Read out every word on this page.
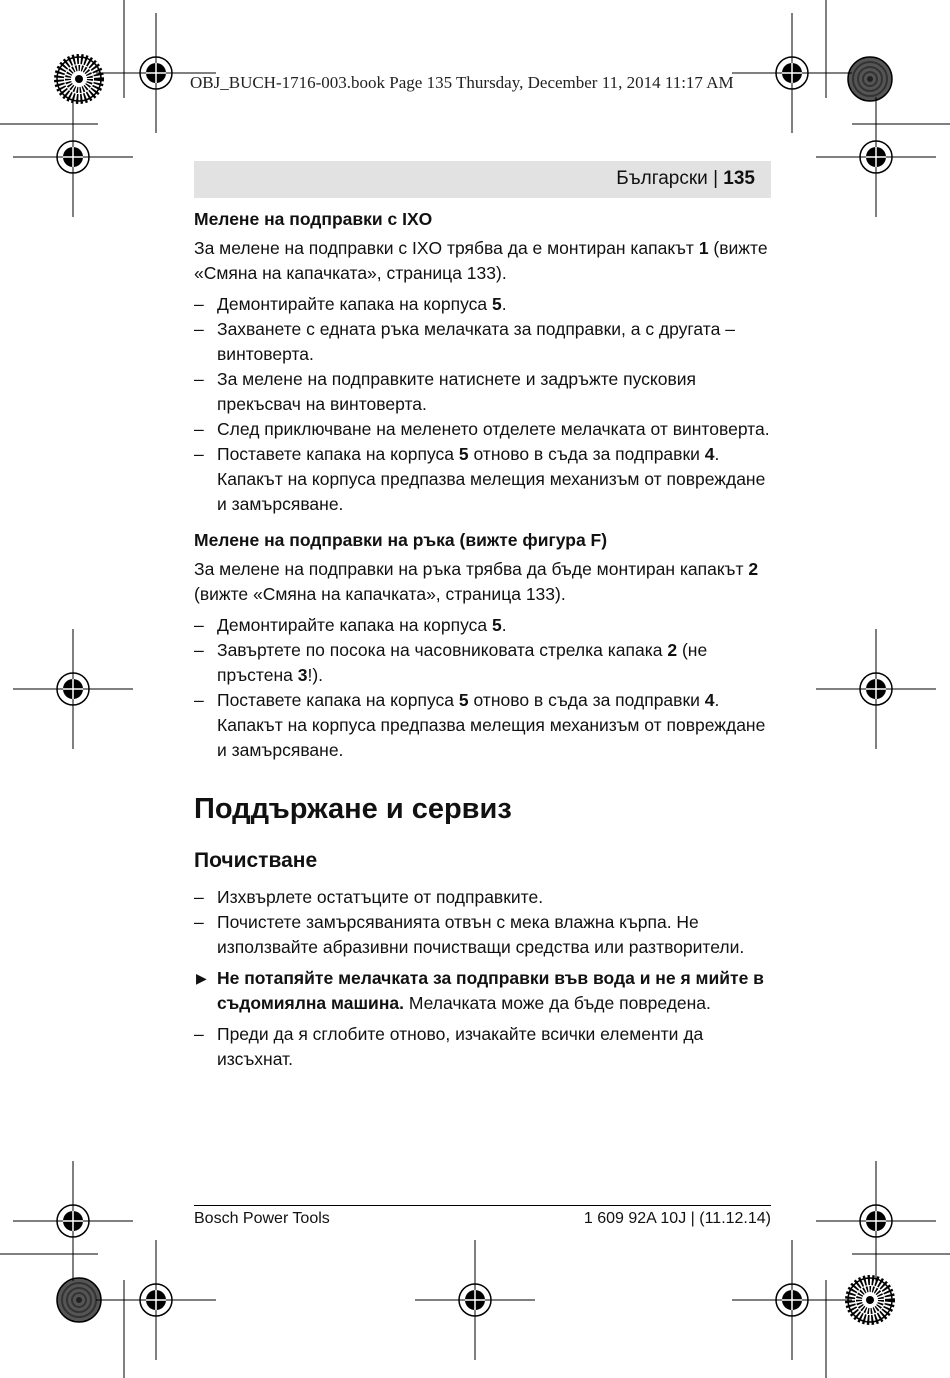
OBJ_BUCH-1716-003.book Page 135 Thursday, December 11, 2014 11:17 AM
Български | 135

Мелене на подправки с IXO

За мелене на подправки с IXO трябва да е монтиран капакът 1 (вижте «Смяна на капачката», страница 133).

– Демонтирайте капака на корпуса 5.

– Захванете с едната ръка мелачката за подправки, а с другата – винтоверта.

– За мелене на подправките натиснете и задръжте пусковия прекъсвач на винтоверта.

– След приключване на меленето отделете мелачката от винтоверта.

– Поставете капака на корпуса 5 отново в съда за подправки 4. Капакът на корпуса предпазва мелещия механизъм от повреждане и замърсяване.

Мелене на подправки на ръка (вижте фигура F)

За мелене на подправки на ръка трябва да бъде монтиран капакът 2 (вижте «Смяна на капачката», страница 133).

– Демонтирайте капака на корпуса 5.

– Завъртете по посока на часовниковата стрелка капака 2 (не пръстена 3!).

– Поставете капака на корпуса 5 отново в съда за подправки 4. Капакът на корпуса предпазва мелещия механизъм от повреждане и замърсяване.

Поддържане и сервиз

Почистване

– Изхвърлете остатъците от подправките.

– Почистете замърсяванията отвън с мека влажна кърпа. Не използвайте абразивни почистващи средства или разтворители.

▶ Не потапяйте мелачката за подправки във вода и не я мийте в съдомиялна машина. Мелачката може да бъде повредена.

– Преди да я сглобите отново, изчакайте всички елементи да изсъхнат.

Bosch Power Tools	1 609 92A 10J | (11.12.14)
